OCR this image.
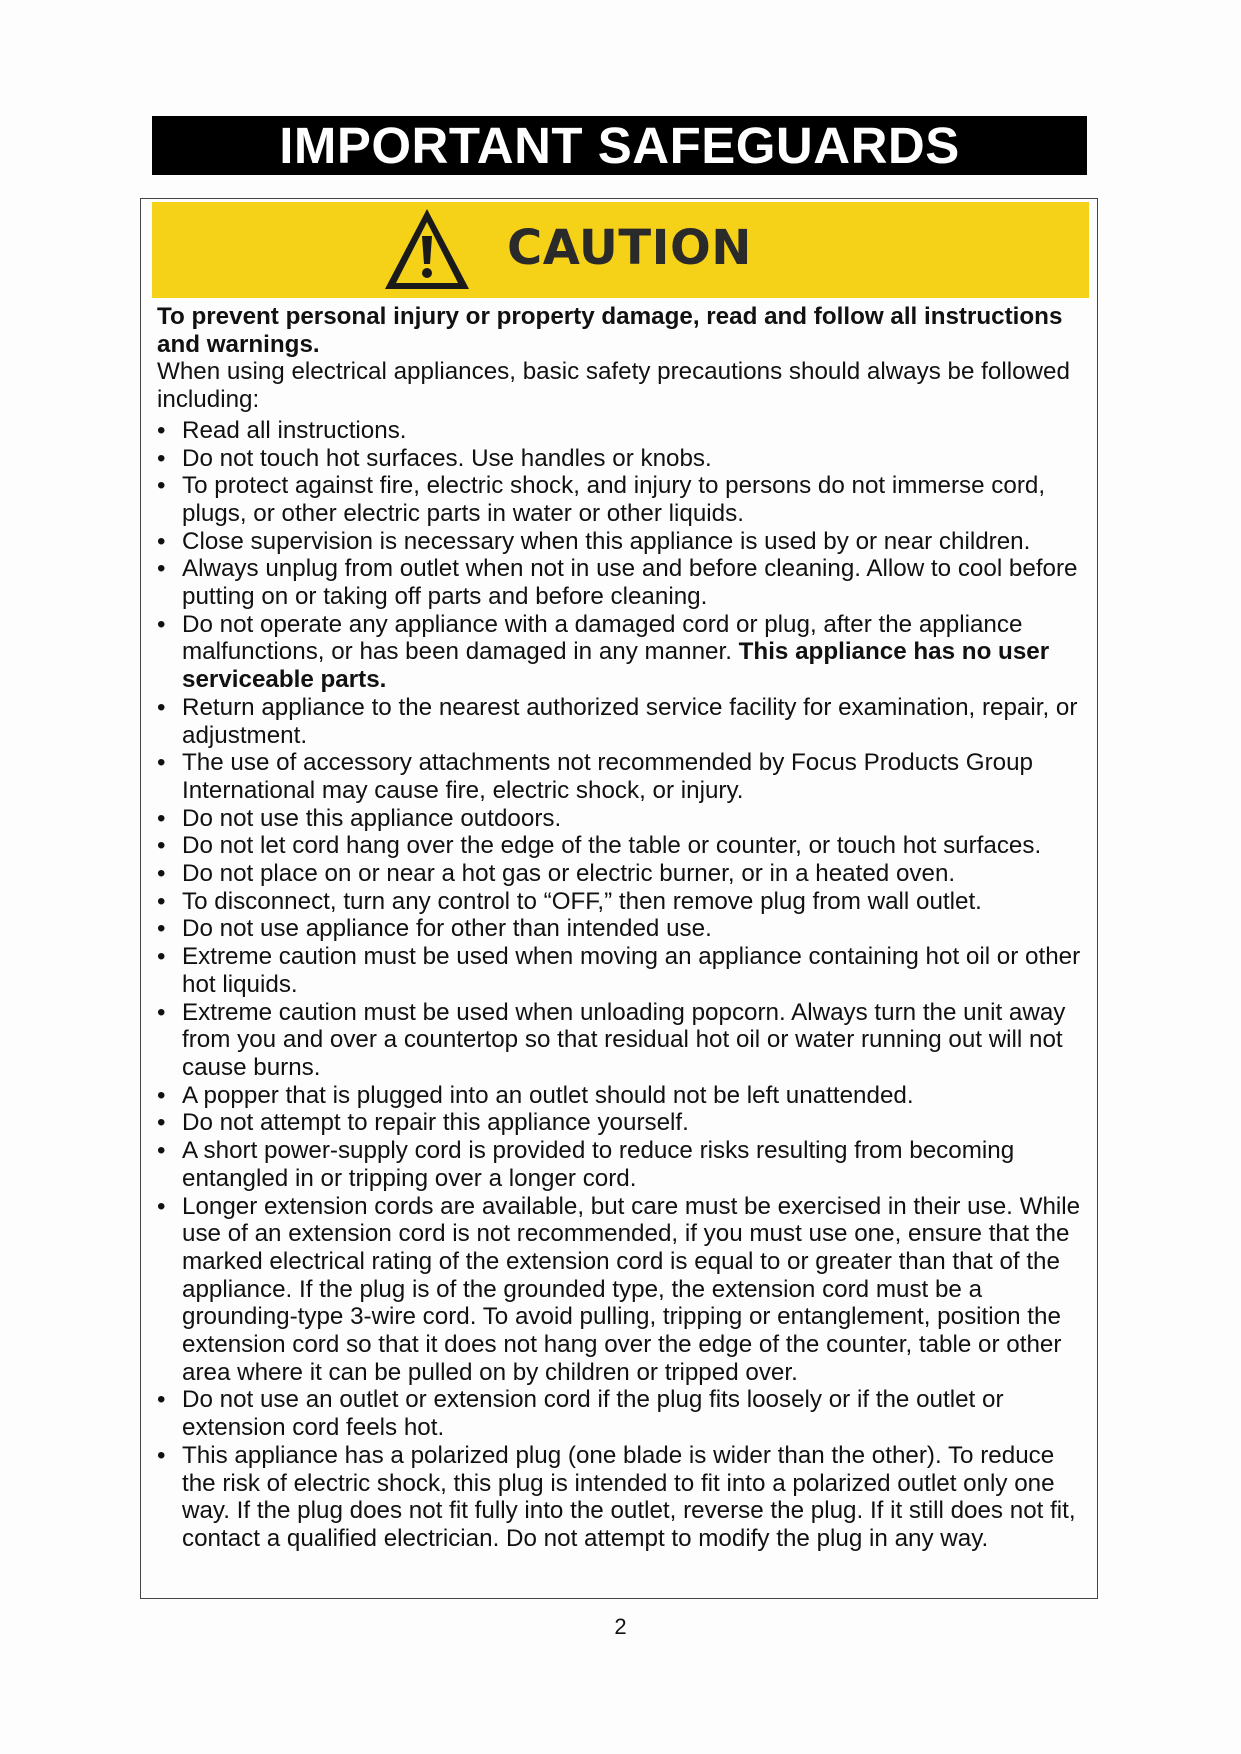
IMPORTANT SAFEGUARDS
CAUTION

To prevent personal injury or property damage, read and follow all instructions and warnings.

When using electrical appliances, basic safety precautions should always be followed including:

• Read all instructions.
• Do not touch hot surfaces. Use handles or knobs.
• To protect against fire, electric shock, and injury to persons do not immerse cord, plugs, or other electric parts in water or other liquids.
• Close supervision is necessary when this appliance is used by or near children.
• Always unplug from outlet when not in use and before cleaning. Allow to cool before putting on or taking off parts and before cleaning.
• Do not operate any appliance with a damaged cord or plug, after the appliance malfunctions, or has been damaged in any manner. This appliance has no user serviceable parts.
• Return appliance to the nearest authorized service facility for examination, repair, or adjustment.
• The use of accessory attachments not recommended by Focus Products Group International may cause fire, electric shock, or injury.
• Do not use this appliance outdoors.
• Do not let cord hang over the edge of the table or counter, or touch hot surfaces.
• Do not place on or near a hot gas or electric burner, or in a heated oven.
• To disconnect, turn any control to “OFF,” then remove plug from wall outlet.
• Do not use appliance for other than intended use.
• Extreme caution must be used when moving an appliance containing hot oil or other hot liquids.
• Extreme caution must be used when unloading popcorn. Always turn the unit away from you and over a countertop so that residual hot oil or water running out will not cause burns.
• A popper that is plugged into an outlet should not be left unattended.
• Do not attempt to repair this appliance yourself.
• A short power-supply cord is provided to reduce risks resulting from becoming entangled in or tripping over a longer cord.
• Longer extension cords are available, but care must be exercised in their use. While use of an extension cord is not recommended, if you must use one, ensure that the marked electrical rating of the extension cord is equal to or greater than that of the appliance. If the plug is of the grounded type, the extension cord must be a grounding-type 3-wire cord. To avoid pulling, tripping or entanglement, position the extension cord so that it does not hang over the edge of the counter, table or other area where it can be pulled on by children or tripped over.
• Do not use an outlet or extension cord if the plug fits loosely or if the outlet or extension cord feels hot.
• This appliance has a polarized plug (one blade is wider than the other). To reduce the risk of electric shock, this plug is intended to fit into a polarized outlet only one way. If the plug does not fit fully into the outlet, reverse the plug. If it still does not fit, contact a qualified electrician. Do not attempt to modify the plug in any way.
2
